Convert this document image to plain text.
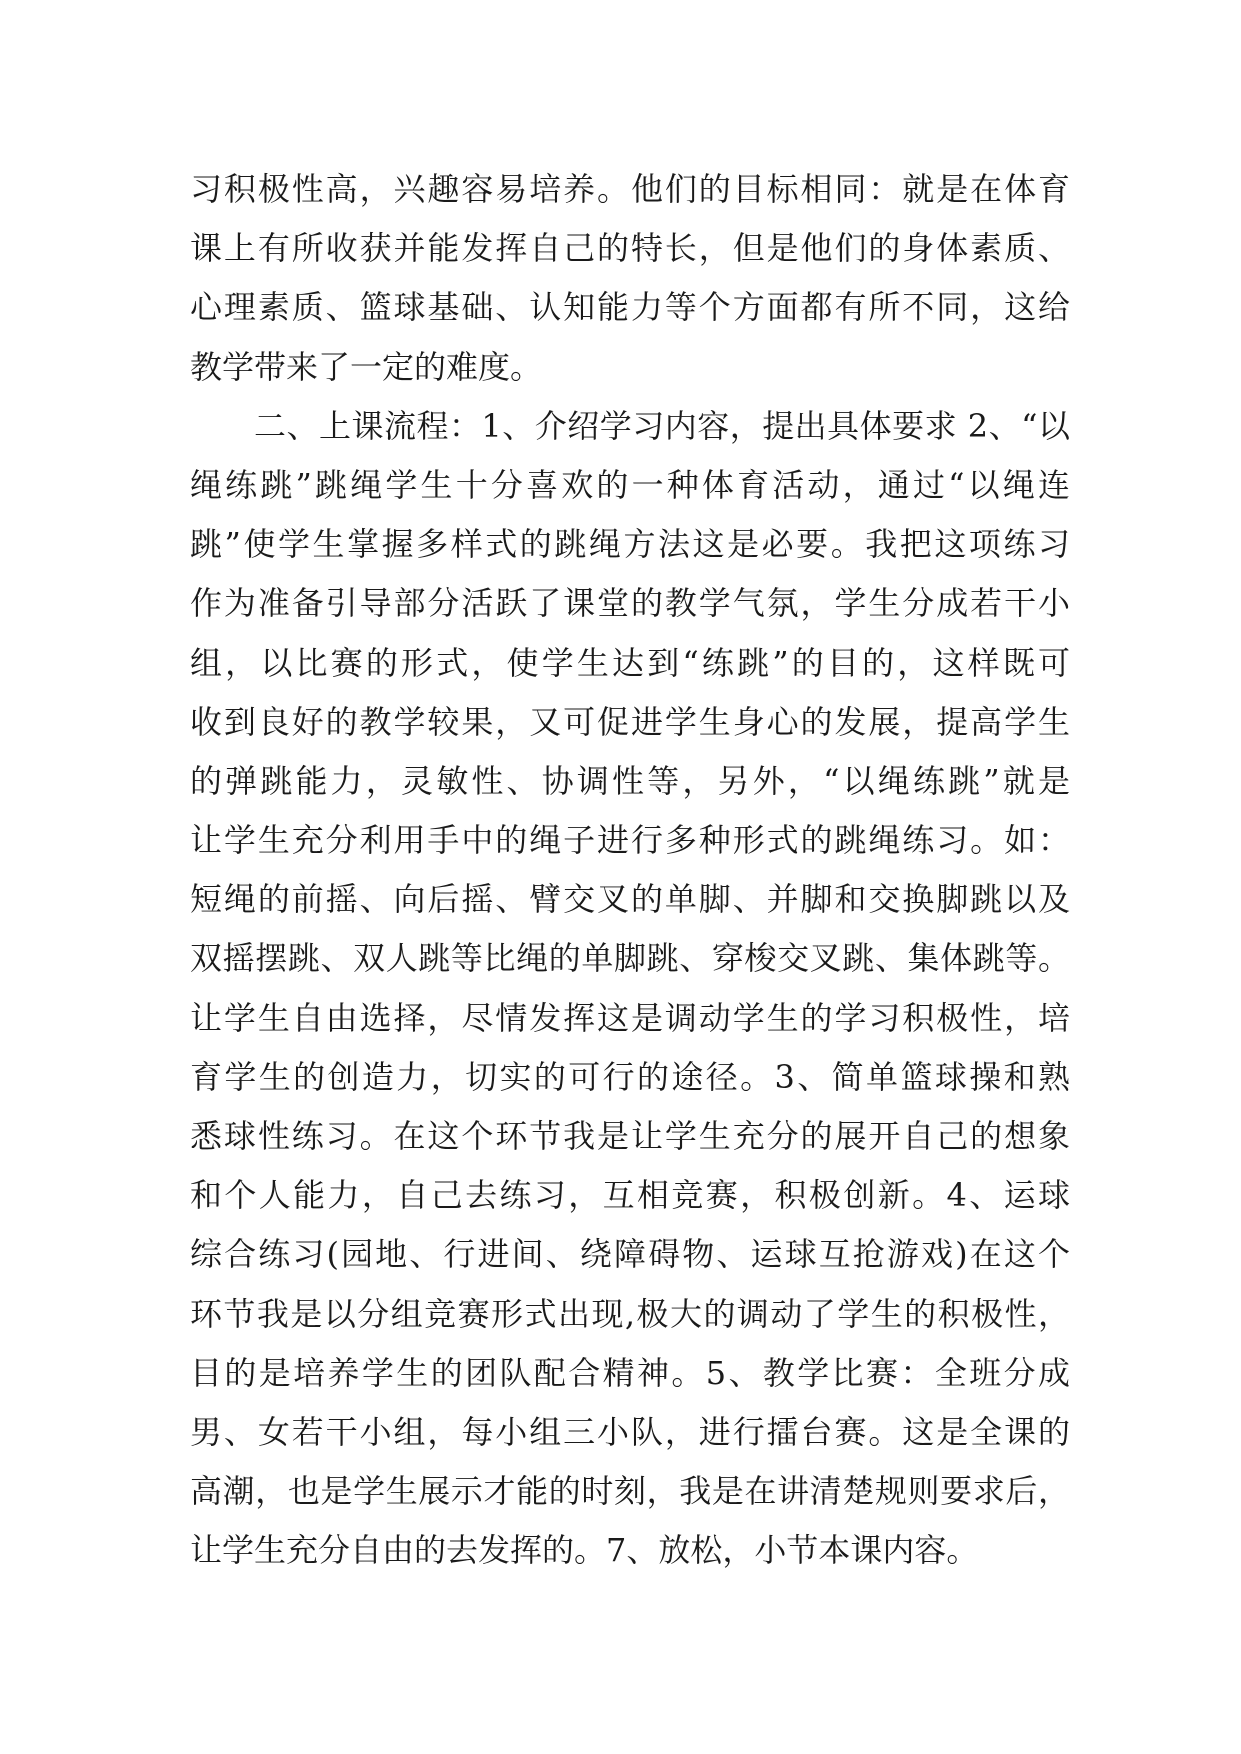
习积极性高，兴趣容易培养。他们的目标相同：就是在体育
课上有所收获并能发挥自己的特长，但是他们的身体素质、
心理素质、篮球基础、认知能力等个方面都有所不同，这给
教学带来了一定的难度。
二、上课流程：1、介绍学习内容，提出具体要求 2、“以
绳练跳”跳绳学生十分喜欢的一种体育活动，通过“以绳连
跳”使学生掌握多样式的跳绳方法这是必要。我把这项练习
作为准备引导部分活跃了课堂的教学气氛，学生分成若干小
组，以比赛的形式，使学生达到“练跳”的目的，这样既可
收到良好的教学较果，又可促进学生身心的发展，提高学生
的弹跳能力，灵敏性、协调性等，另外，“以绳练跳”就是
让学生充分利用手中的绳子进行多种形式的跳绳练习。如：
短绳的前摇、向后摇、臂交叉的单脚、并脚和交换脚跳以及
双摇摆跳、双人跳等比绳的单脚跳、穿梭交叉跳、集体跳等。
让学生自由选择，尽情发挥这是调动学生的学习积极性，培
育学生的创造力，切实的可行的途径。3、简单篮球操和熟
悉球性练习。在这个环节我是让学生充分的展开自己的想象
和个人能力，自己去练习，互相竞赛，积极创新。4、运球
综合练习(园地、行进间、绕障碍物、运球互抢游戏)在这个
环节我是以分组竞赛形式出现,极大的调动了学生的积极性，
目的是培养学生的团队配合精神。5、教学比赛：全班分成
男、女若干小组，每小组三小队，进行擂台赛。这是全课的
高潮，也是学生展示才能的时刻，我是在讲清楚规则要求后，
让学生充分自由的去发挥的。7、放松，小节本课内容。
